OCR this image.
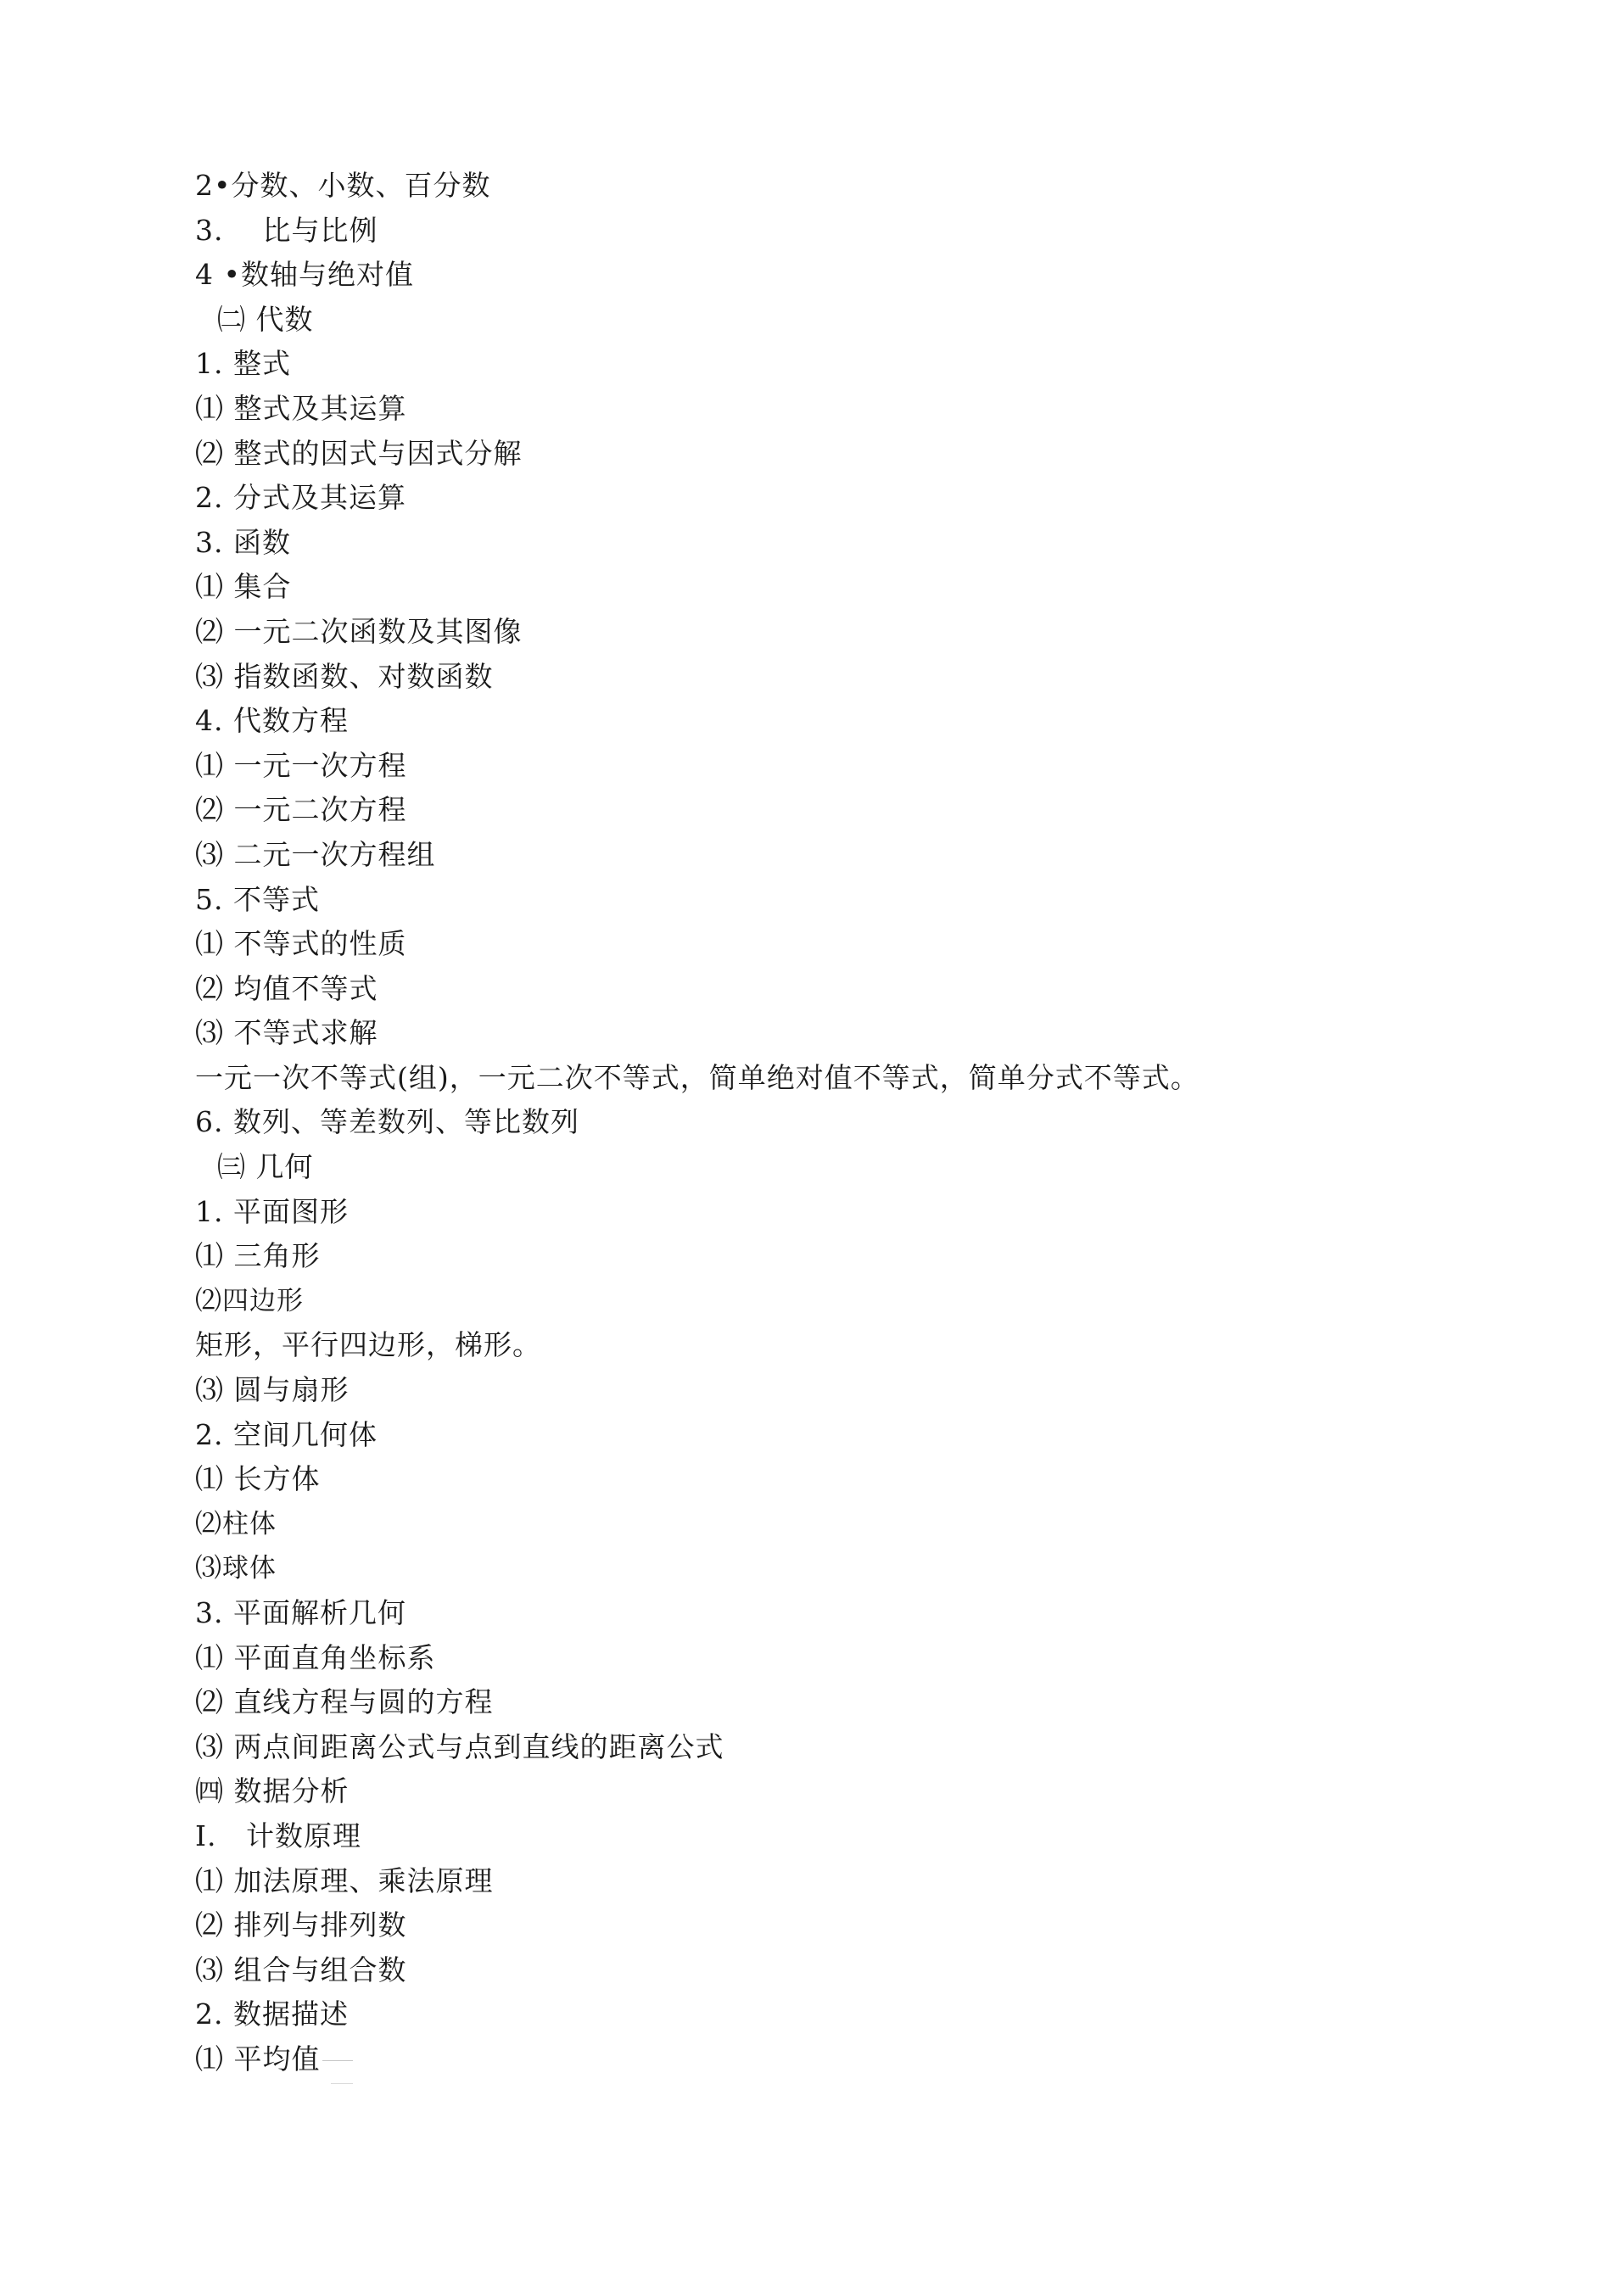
2•分数、小数、百分数
3.    比与比例
4 •数轴与绝对值
㈡ 代数
1. 整式
⑴ 整式及其运算
⑵ 整式的因式与因式分解
2. 分式及其运算
3. 函数
⑴ 集合
⑵ 一元二次函数及其图像
⑶ 指数函数、对数函数
4. 代数方程
⑴ 一元一次方程
⑵ 一元二次方程
⑶ 二元一次方程组
5. 不等式
⑴ 不等式的性质
⑵ 均值不等式
⑶ 不等式求解
一元一次不等式(组)，一元二次不等式，简单绝对值不等式，简单分式不等式。
6. 数列、等差数列、等比数列
㈢ 几何
1. 平面图形
⑴ 三角形
⑵四边形
矩形，平行四边形，梯形。
⑶ 圆与扇形
2. 空间几何体
⑴ 长方体
⑵柱体
⑶球体
3. 平面解析几何
⑴ 平面直角坐标系
⑵ 直线方程与圆的方程
⑶ 两点间距离公式与点到直线的距离公式
㈣ 数据分析
I.   计数原理
⑴ 加法原理、乘法原理
⑵ 排列与排列数
⑶ 组合与组合数
2. 数据描述
⑴ 平均值
